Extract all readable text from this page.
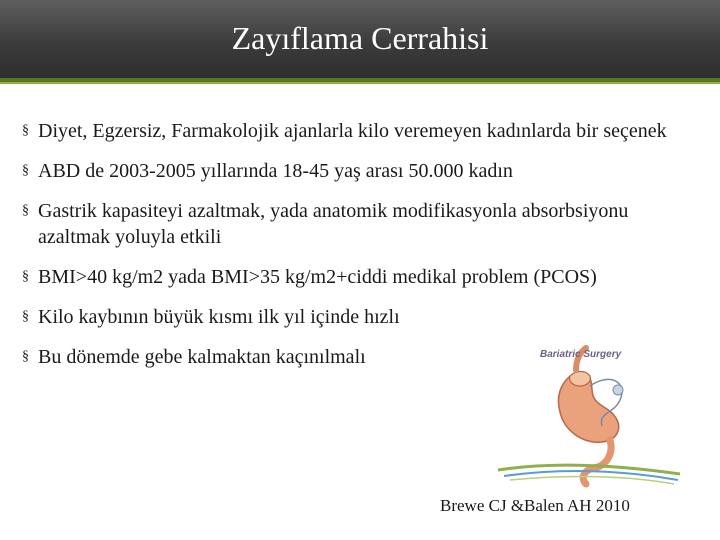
Zayıflama Cerrahisi
§ Diyet, Egzersiz, Farmakolojik ajanlarla kilo veremeyen kadınlarda bir seçenek
§ ABD de 2003-2005 yıllarında 18-45 yaş arası 50.000 kadın
§ Gastrik kapasiteyi azaltmak, yada anatomik modifikasyonla absorbsiyonu azaltmak yoluyla etkili
§ BMI>40 kg/m2 yada BMI>35 kg/m2+ciddi medikal problem (PCOS)
§ Kilo kaybının büyük kısmı ilk yıl içinde hızlı
§ Bu dönemde gebe kalmaktan kaçınılmalı	Bariatric Surgery
Brewe CJ &Balen AH 2010
